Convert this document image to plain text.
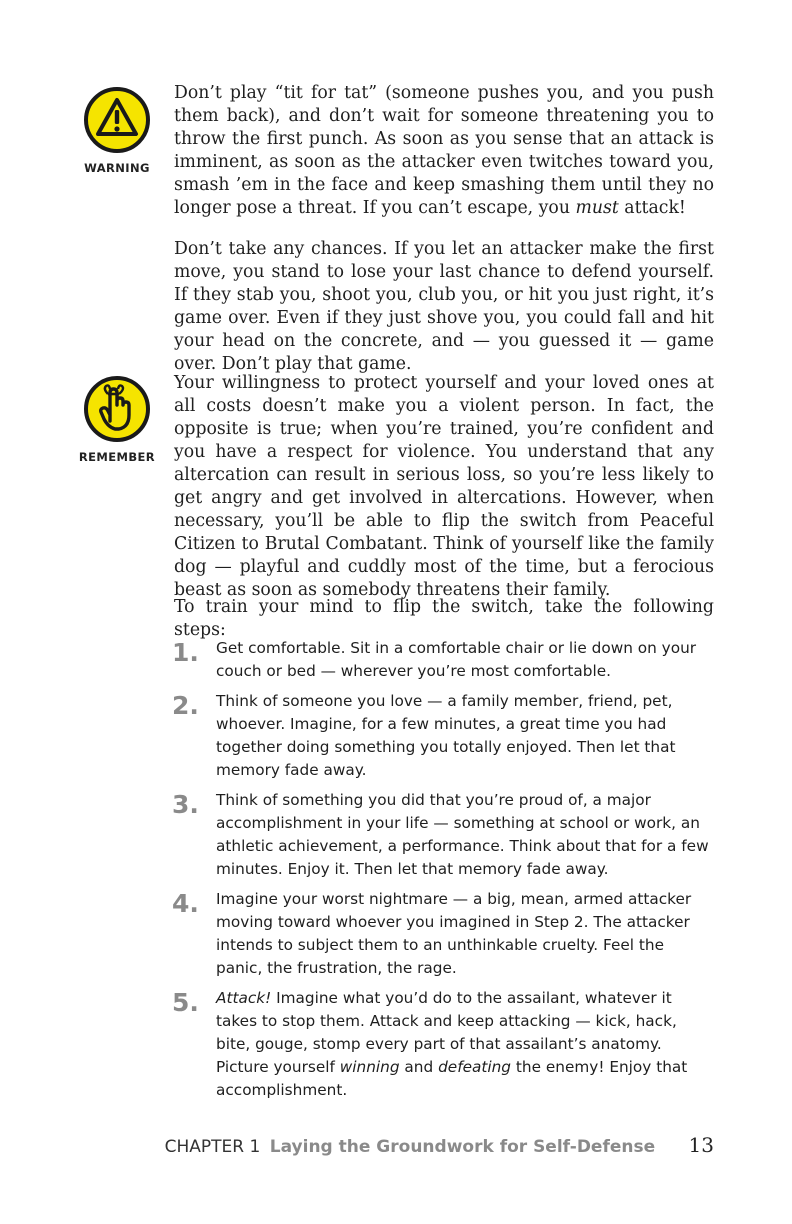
WARNING
REMEMBER

Don’t play “tit for tat” (someone pushes you, and you push them back), and don’t wait for someone threatening you to throw the first punch. As soon as you sense that an attack is imminent, as soon as the attacker even twitches toward you, smash ’em in the face and keep smashing them until they no longer pose a threat. If you can’t escape, you must attack!

Don’t take any chances. If you let an attacker make the first move, you stand to lose your last chance to defend yourself. If they stab you, shoot you, club you, or hit you just right, it’s game over. Even if they just shove you, you could fall and hit your head on the concrete, and — you guessed it — game over. Don’t play that game.

Your willingness to protect yourself and your loved ones at all costs doesn’t make you a violent person. In fact, the opposite is true; when you’re trained, you’re confident and you have a respect for violence. You understand that any altercation can result in serious loss, so you’re less likely to get angry and get involved in altercations. However, when necessary, you’ll be able to flip the switch from Peaceful Citizen to Brutal Combatant. Think of yourself like the family dog — playful and cuddly most of the time, but a ferocious beast as soon as somebody threatens their family.

To train your mind to flip the switch, take the following steps:

1. Get comfortable. Sit in a comfortable chair or lie down on your couch or bed — wherever you’re most comfortable.
2. Think of someone you love — a family member, friend, pet, whoever. Imagine, for a few minutes, a great time you had together doing something you totally enjoyed. Then let that memory fade away.
3. Think of something you did that you’re proud of, a major accomplishment in your life — something at school or work, an athletic achievement, a performance. Think about that for a few minutes. Enjoy it. Then let that memory fade away.
4. Imagine your worst nightmare — a big, mean, armed attacker moving toward whoever you imagined in Step 2. The attacker intends to subject them to an unthinkable cruelty. Feel the panic, the frustration, the rage.
5. Attack! Imagine what you’d do to the assailant, whatever it takes to stop them. Attack and keep attacking — kick, hack, bite, gouge, stomp every part of that assailant’s anatomy. Picture yourself winning and defeating the enemy! Enjoy that accomplishment.
CHAPTER 1 Laying the Groundwork for Self-Defense 13
